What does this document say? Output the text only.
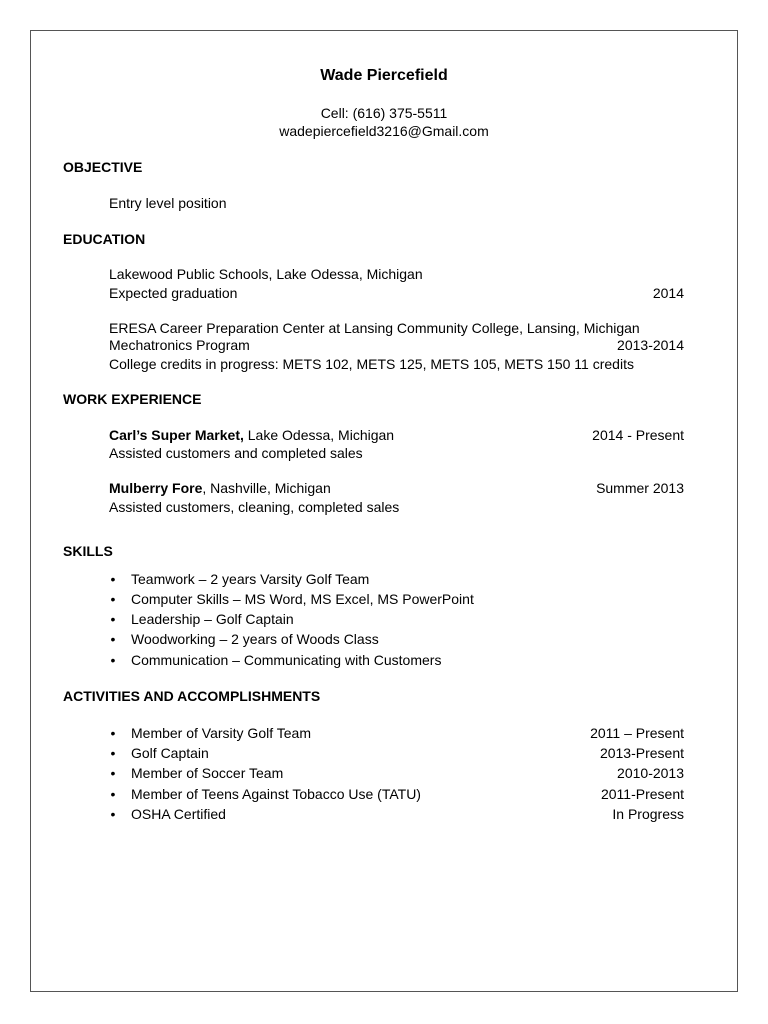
Wade Piercefield
Cell: (616) 375-5511
wadepiercefield3216@Gmail.com
OBJECTIVE
Entry level position
EDUCATION
Lakewood Public Schools, Lake Odessa, Michigan
Expected graduation	2014
ERESA Career Preparation Center at Lansing Community College, Lansing, Michigan
Mechatronics Program	2013-2014
College credits in progress: METS 102, METS 125, METS 105, METS 150 11 credits
WORK EXPERIENCE
Carl’s Super Market, Lake Odessa, Michigan	2014 - Present
Assisted customers and completed sales
Mulberry Fore, Nashville, Michigan	Summer 2013
Assisted customers, cleaning, completed sales
SKILLS
• Teamwork – 2 years Varsity Golf Team
• Computer Skills – MS Word, MS Excel, MS PowerPoint
• Leadership – Golf Captain
• Woodworking – 2 years of Woods Class
• Communication – Communicating with Customers
ACTIVITIES AND ACCOMPLISHMENTS
• Member of Varsity Golf Team	2011 – Present
• Golf Captain	2013-Present
• Member of Soccer Team	2010-2013
• Member of Teens Against Tobacco Use (TATU)	2011-Present
• OSHA Certified	In Progress
